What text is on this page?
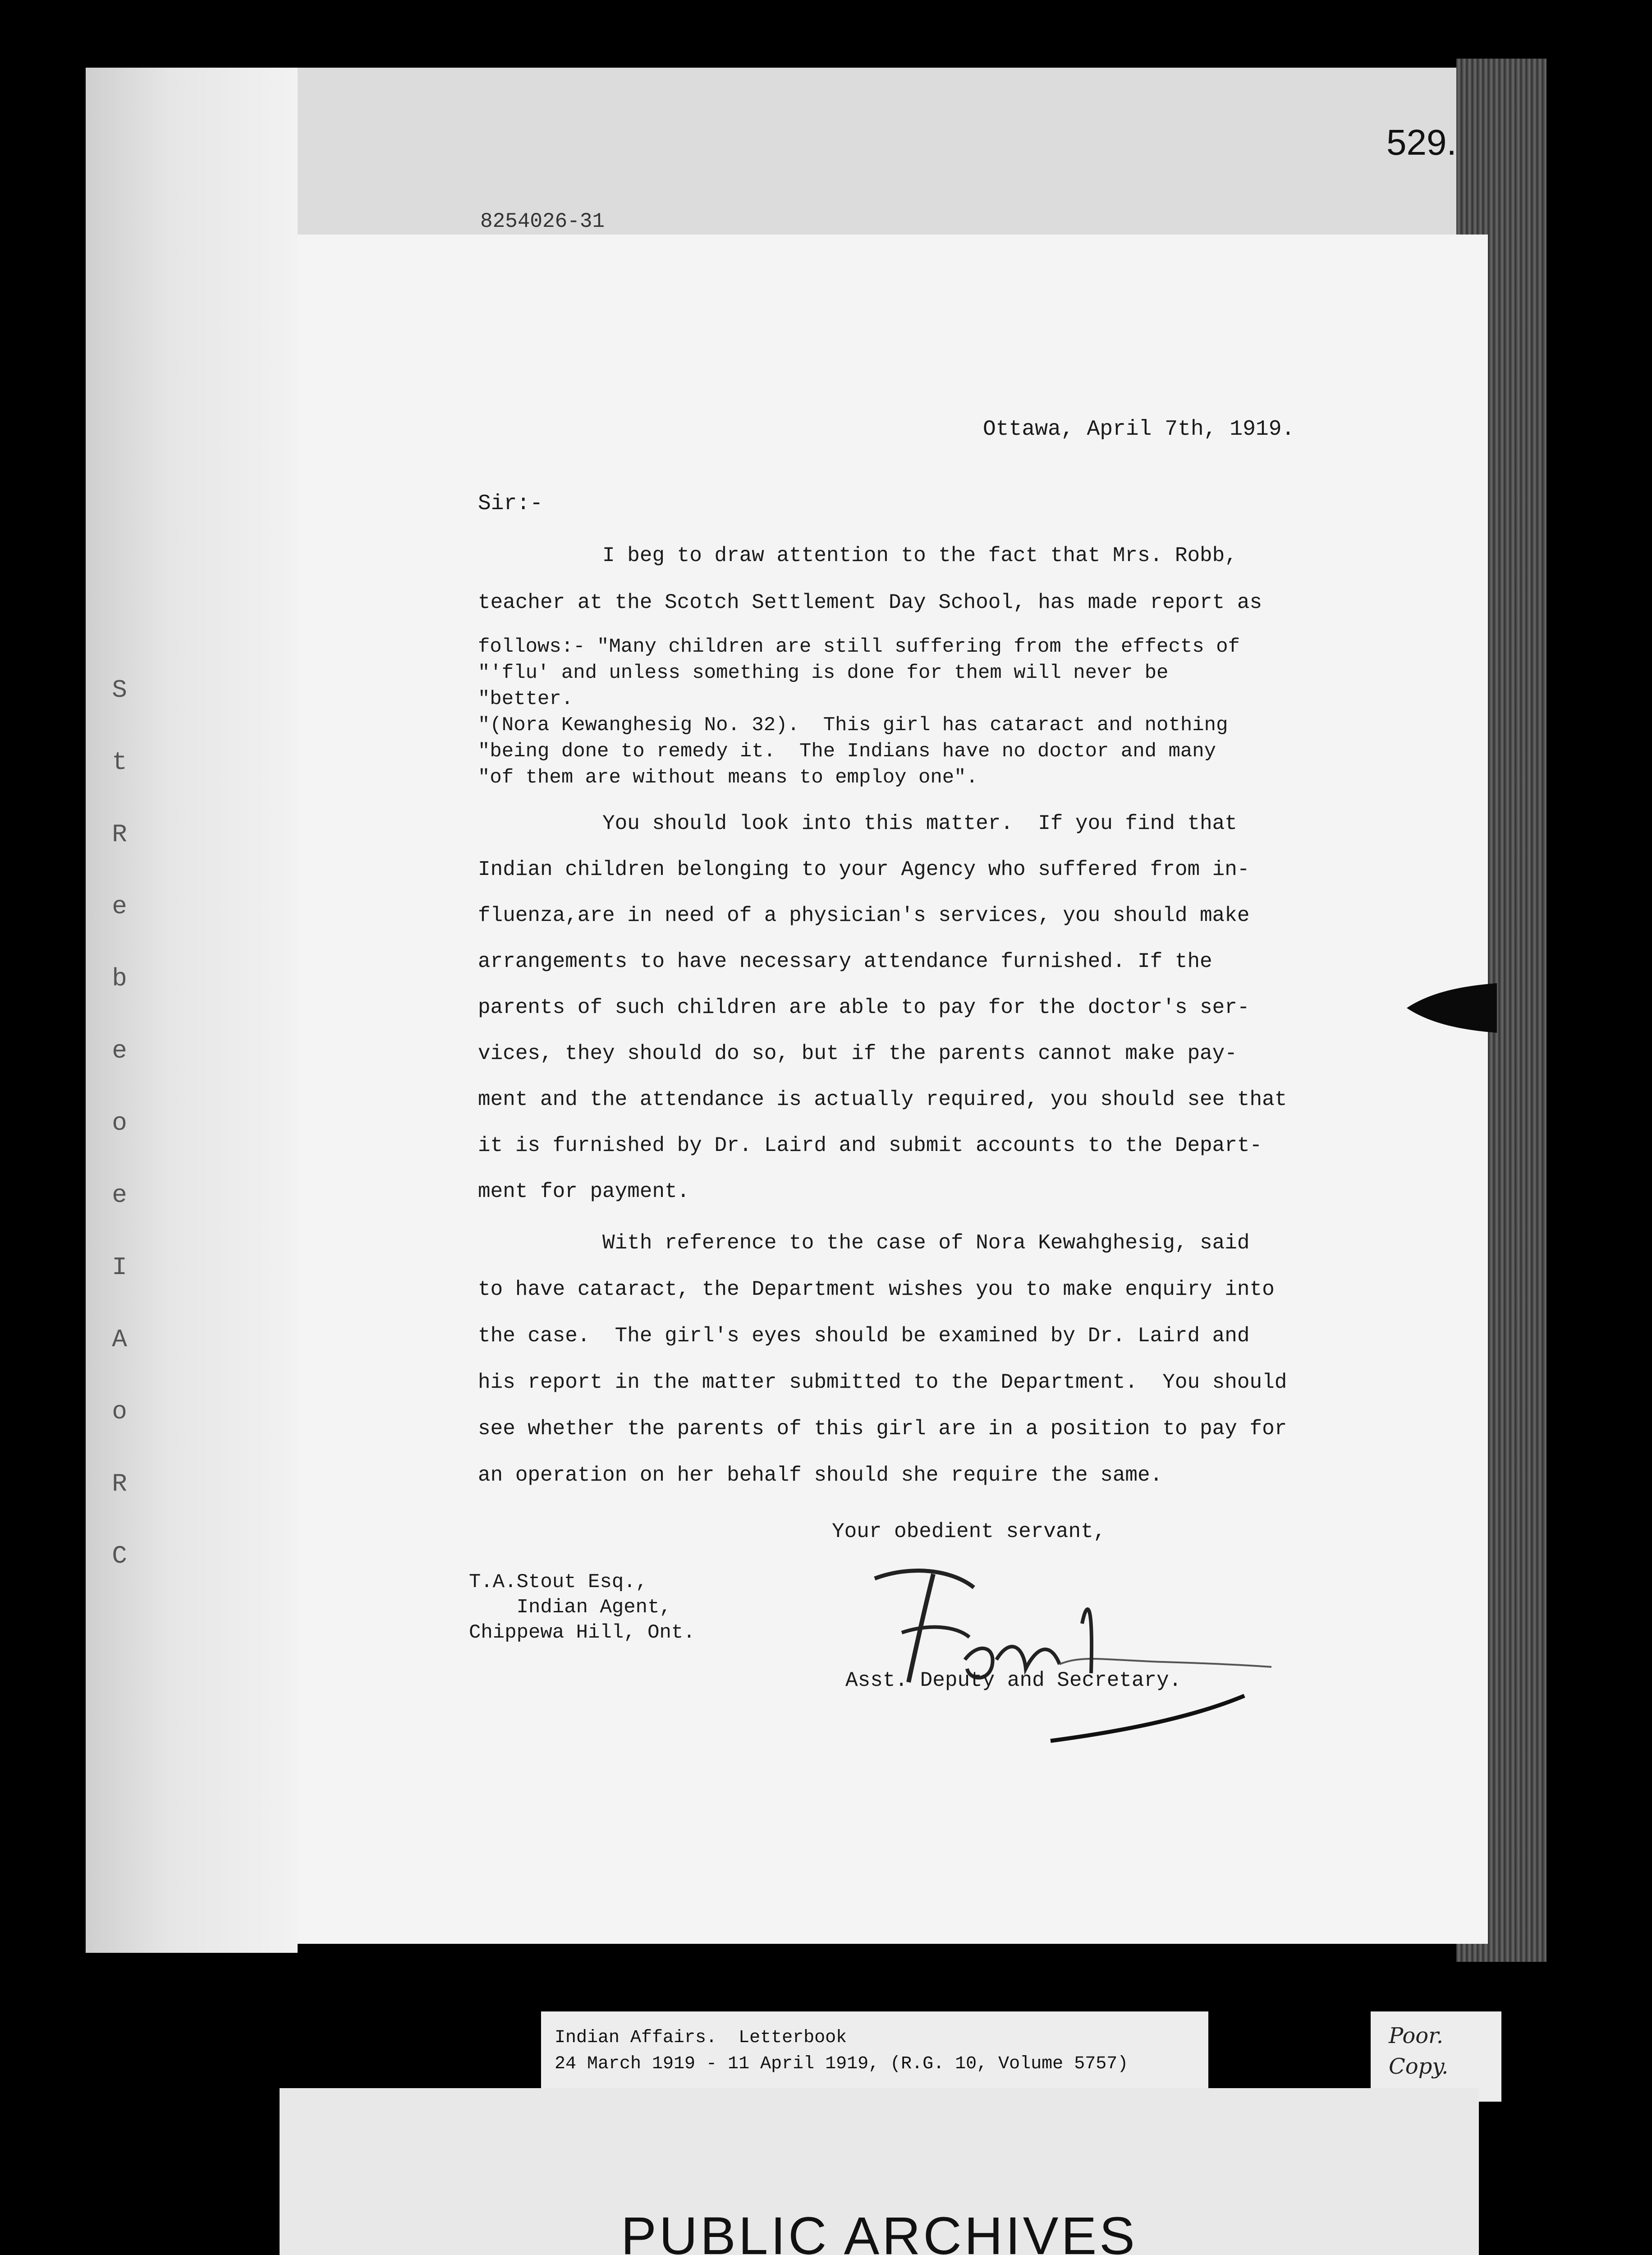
S
t
R
e
b
e
o
e
I
A
o
R
C
529.
8254026-31
Ottawa, April 7th, 1919.
Sir:-
I beg to draw attention to the fact that Mrs. Robb,
teacher at the Scotch Settlement Day School, has made report as
follows:- "Many children are still suffering from the effects of
"'flu' and unless something is done for them will never be
"better.
"(Nora Kewanghesig No. 32).  This girl has cataract and nothing
"being done to remedy it.  The Indians have no doctor and many
"of them are without means to employ one".
You should look into this matter.  If you find that
Indian children belonging to your Agency who suffered from in-
fluenza,are in need of a physician's services, you should make
arrangements to have necessary attendance furnished. If the
parents of such children are able to pay for the doctor's ser-
vices, they should do so, but if the parents cannot make pay-
ment and the attendance is actually required, you should see that
it is furnished by Dr. Laird and submit accounts to the Depart-
ment for payment.
With reference to the case of Nora Kewahghesig, said
to have cataract, the Department wishes you to make enquiry into
the case.  The girl's eyes should be examined by Dr. Laird and
his report in the matter submitted to the Department.  You should
see whether the parents of this girl are in a position to pay for
an operation on her behalf should she require the same.
Your obedient servant,
T.A.Stout Esq.,
Indian Agent,
Chippewa Hill, Ont.
Asst. Deputy and Secretary.
Indian Affairs.  Letterbook
24 March 1919 - 11 April 1919, (R.G. 10, Volume 5757)
Poor.
Copy.
PUBLIC ARCHIVES
